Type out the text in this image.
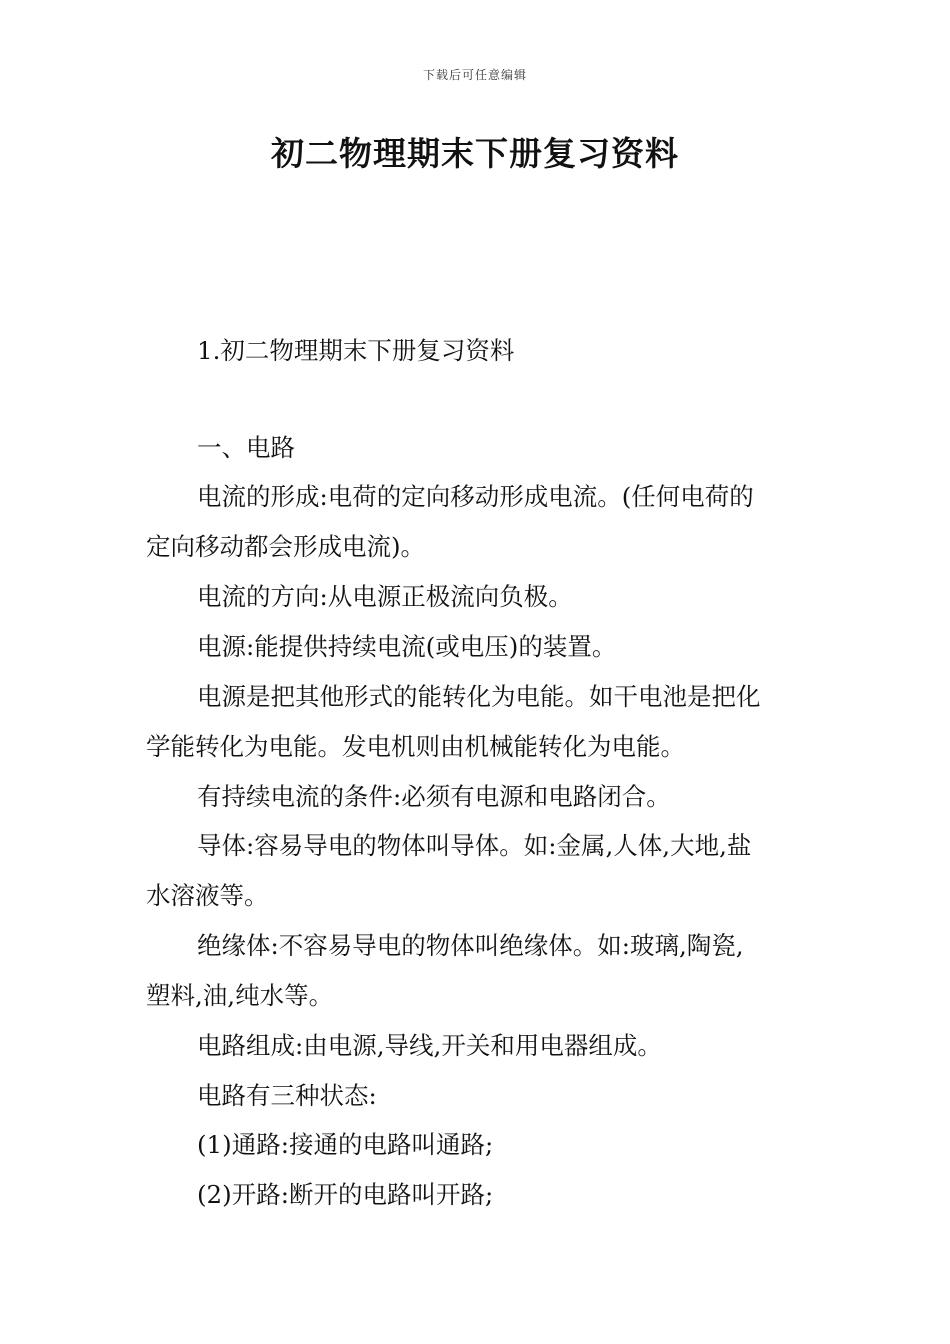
下载后可任意编辑
初二物理期末下册复习资料
1.初二物理期末下册复习资料
一、电路
电流的形成:电荷的定向移动形成电流。(任何电荷的
定向移动都会形成电流)。
电流的方向:从电源正极流向负极。
电源:能提供持续电流(或电压)的装置。
电源是把其他形式的能转化为电能。如干电池是把化
学能转化为电能。发电机则由机械能转化为电能。
有持续电流的条件:必须有电源和电路闭合。
导体:容易导电的物体叫导体。如:金属,人体,大地,盐
水溶液等。
绝缘体:不容易导电的物体叫绝缘体。如:玻璃,陶瓷,
塑料,油,纯水等。
电路组成:由电源,导线,开关和用电器组成。
电路有三种状态:
(1)通路:接通的电路叫通路;
(2)开路:断开的电路叫开路;
